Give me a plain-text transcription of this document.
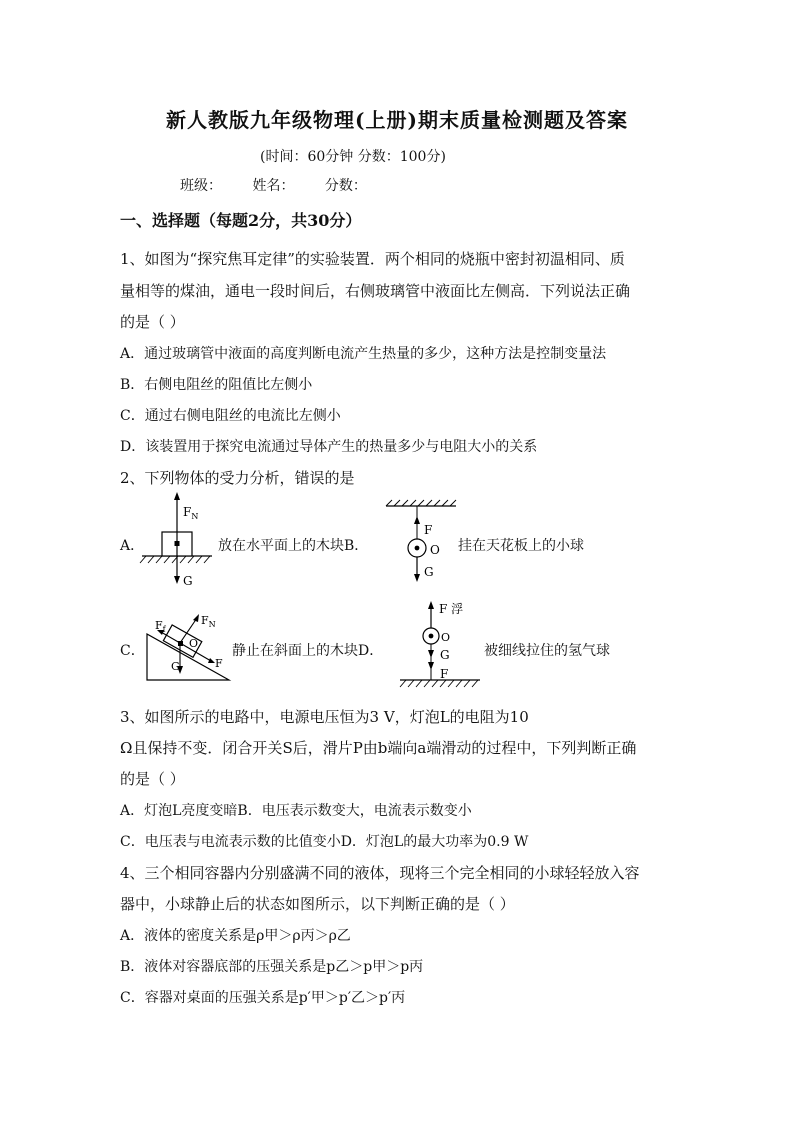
新人教版九年级物理(上册)期末质量检测题及答案
(时间：60分钟 分数：100分)
班级： 姓名： 分数：
一、选择题（每题2分，共30分）
1、如图为“探究焦耳定律”的实验装置．两个相同的烧瓶中密封初温相同、质
量相等的煤油，通电一段时间后，右侧玻璃管中液面比左侧高．下列说法正确
的是（ ）
A．通过玻璃管中液面的高度判断电流产生热量的多少，这种方法是控制变量法
B．右侧电阻丝的阻值比左侧小
C．通过右侧电阻丝的电流比左侧小
D．该装置用于探究电流通过导体产生的热量多少与电阻大小的关系
2、下列物体的受力分析，错误的是
A．
$F_N$
G
放在水平面上的木块B．
F
O
G
挂在天花板上的小球
C．
$F_f$
$F_N$
O
G	F
静止在斜面上的木块D．
F 浮
O
G
F
被细线拉住的氢气球
3、如图所示的电路中，电源电压恒为3 V，灯泡L的电阻为10
Ω且保持不变．闭合开关S后，滑片P由b端向a端滑动的过程中，下列判断正确
的是（ ）
A．灯泡L亮度变暗B．电压表示数变大，电流表示数变小
C．电压表与电流表示数的比值变小D．灯泡L的最大功率为0.9 W
4、三个相同容器内分别盛满不同的液体，现将三个完全相同的小球轻轻放入容
器中，小球静止后的状态如图所示，以下判断正确的是（ ）
A．液体的密度关系是ρ甲＞ρ丙＞ρ乙
B．液体对容器底部的压强关系是p乙＞p甲＞p丙
C．容器对桌面的压强关系是p′甲＞p′乙＞p′丙
